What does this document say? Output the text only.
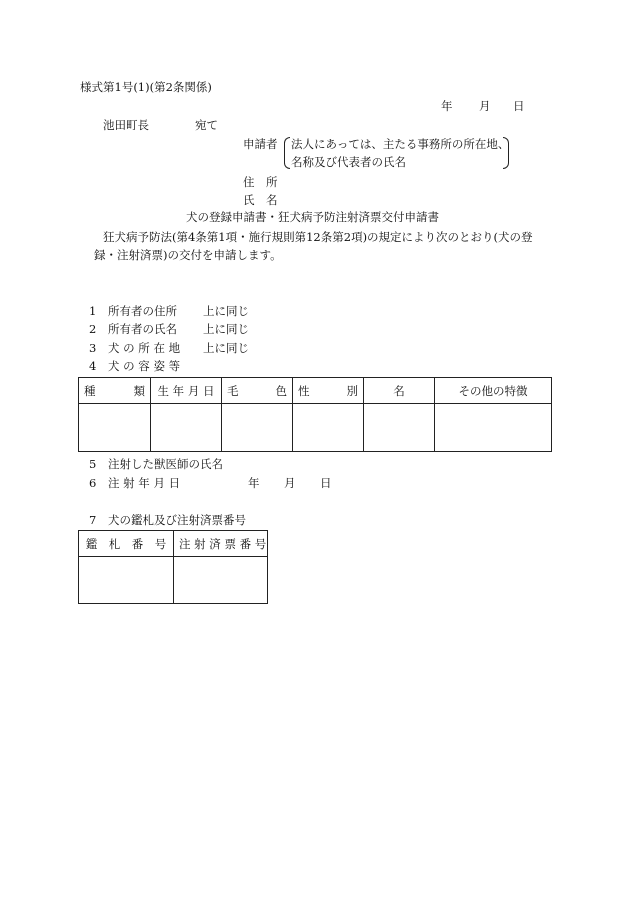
様式第1号(1)(第2条関係)
年 月 日
池田町長	宛て
申請者 法人にあっては、主たる事務所の所在地、
名称及び代表者の氏名
住　所
氏　名
犬の登録申請書・狂犬病予防注射済票交付申請書
狂犬病予防法(第4条第1項・施行規則第12条第2項)の規定により次のとおり(犬の登
録・注射済票)の交付を申請します。
1 所有者の住所 上に同じ
2 所有者の氏名 上に同じ
3 犬 の 所 在 地 上に同じ
4 犬 の 容 姿 等
種 類	生 年 月 日	毛 色	性 別	名	その他の特徴

5 注射した獣医師の氏名
6 注 射 年 月 日	年 月 日
7 犬の鑑札及び注射済票番号
鑑　札　番　号	注 射 済 票 番 号
